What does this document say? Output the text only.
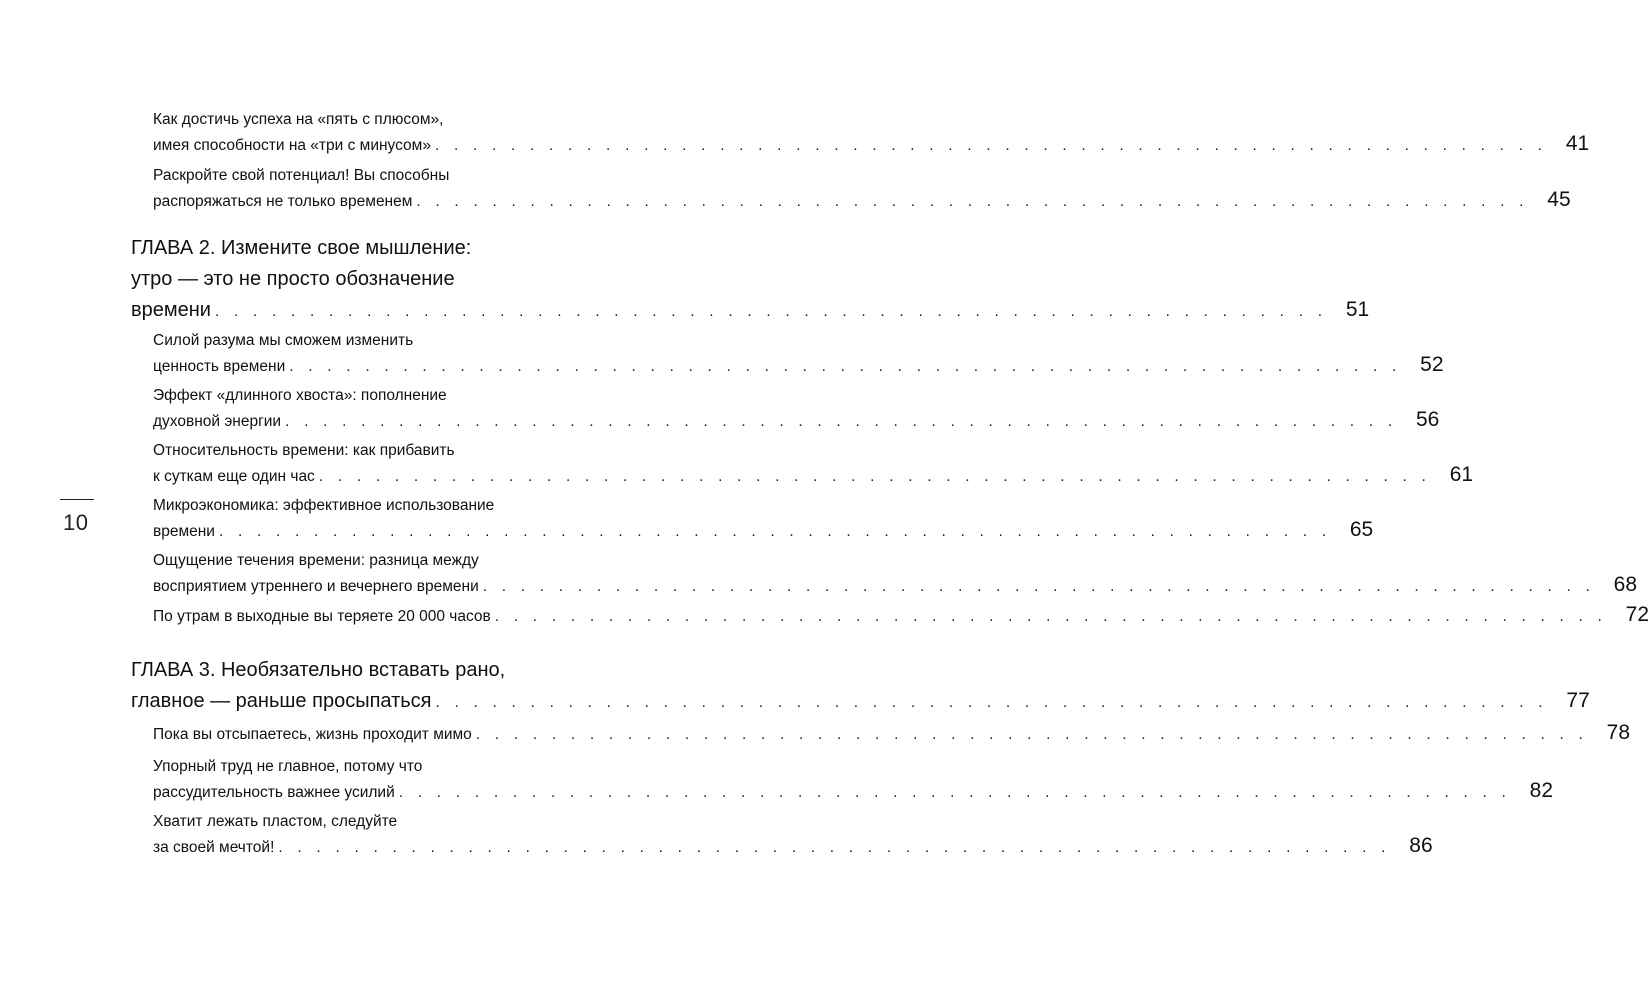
Как достичь успеха на «пять с плюсом»,
имея способности на «три с минусом» . . . . . . . . . . . . . . . . . . . . . . . . . . . . . . . . . . . . . . . . . . . . . . . . . . . . . . . . . . . 41
Раскройте свой потенциал! Вы способны
распоряжаться не только временем . . . . . . . . . . . . . . . . . . . . . . . . . . . . . . . . . . . . . . . . . . . . . . . . . . . . . . . . . . . 45
ГЛАВА 2. Измените свое мышление:
утро — это не просто обозначение
времени . . . . . . . . . . . . . . . . . . . . . . . . . . . . . . . . . . . . . . . . . . . . . . . . . . . . . . . . . . . 51
Силой разума мы сможем изменить
ценность времени . . . . . . . . . . . . . . . . . . . . . . . . . . . . . . . . . . . . . . . . . . . . . . . . . . . . . . . . . . . 52
Эффект «длинного хвоста»: пополнение
духовной энергии . . . . . . . . . . . . . . . . . . . . . . . . . . . . . . . . . . . . . . . . . . . . . . . . . . . . . . . . . . . 56
Относительность времени: как прибавить
к суткам еще один час . . . . . . . . . . . . . . . . . . . . . . . . . . . . . . . . . . . . . . . . . . . . . . . . . . . . . . . . . . . 61
Микроэкономика: эффективное использование
времени . . . . . . . . . . . . . . . . . . . . . . . . . . . . . . . . . . . . . . . . . . . . . . . . . . . . . . . . . . . 65
Ощущение течения времени: разница между
восприятием утреннего и вечернего времени . . . . . . . . . . . . . . . . . . . . . . . . . . . . . . . . . . . . . . . . . . . . . . . . . . . . . . . . . . . 68
По утрам в выходные вы теряете 20 000 часов . . . . . . . . . . . . . . . . . . . . . . . . . . . . . . . . . . . . . . . . . . . . . . . . . . . . . . . . . . . 72
ГЛАВА 3. Необязательно вставать рано,
главное — раньше просыпаться . . . . . . . . . . . . . . . . . . . . . . . . . . . . . . . . . . . . . . . . . . . . . . . . . . . . . . . . . . . 77
Пока вы отсыпаетесь, жизнь проходит мимо . . . . . . . . . . . . . . . . . . . . . . . . . . . . . . . . . . . . . . . . . . . . . . . . . . . . . . . . . . . 78
Упорный труд не главное, потому что
рассудительность важнее усилий . . . . . . . . . . . . . . . . . . . . . . . . . . . . . . . . . . . . . . . . . . . . . . . . . . . . . . . . . . . 82
Хватит лежать пластом, следуйте
за своей мечтой! . . . . . . . . . . . . . . . . . . . . . . . . . . . . . . . . . . . . . . . . . . . . . . . . . . . . . . . . . . . 86
10
